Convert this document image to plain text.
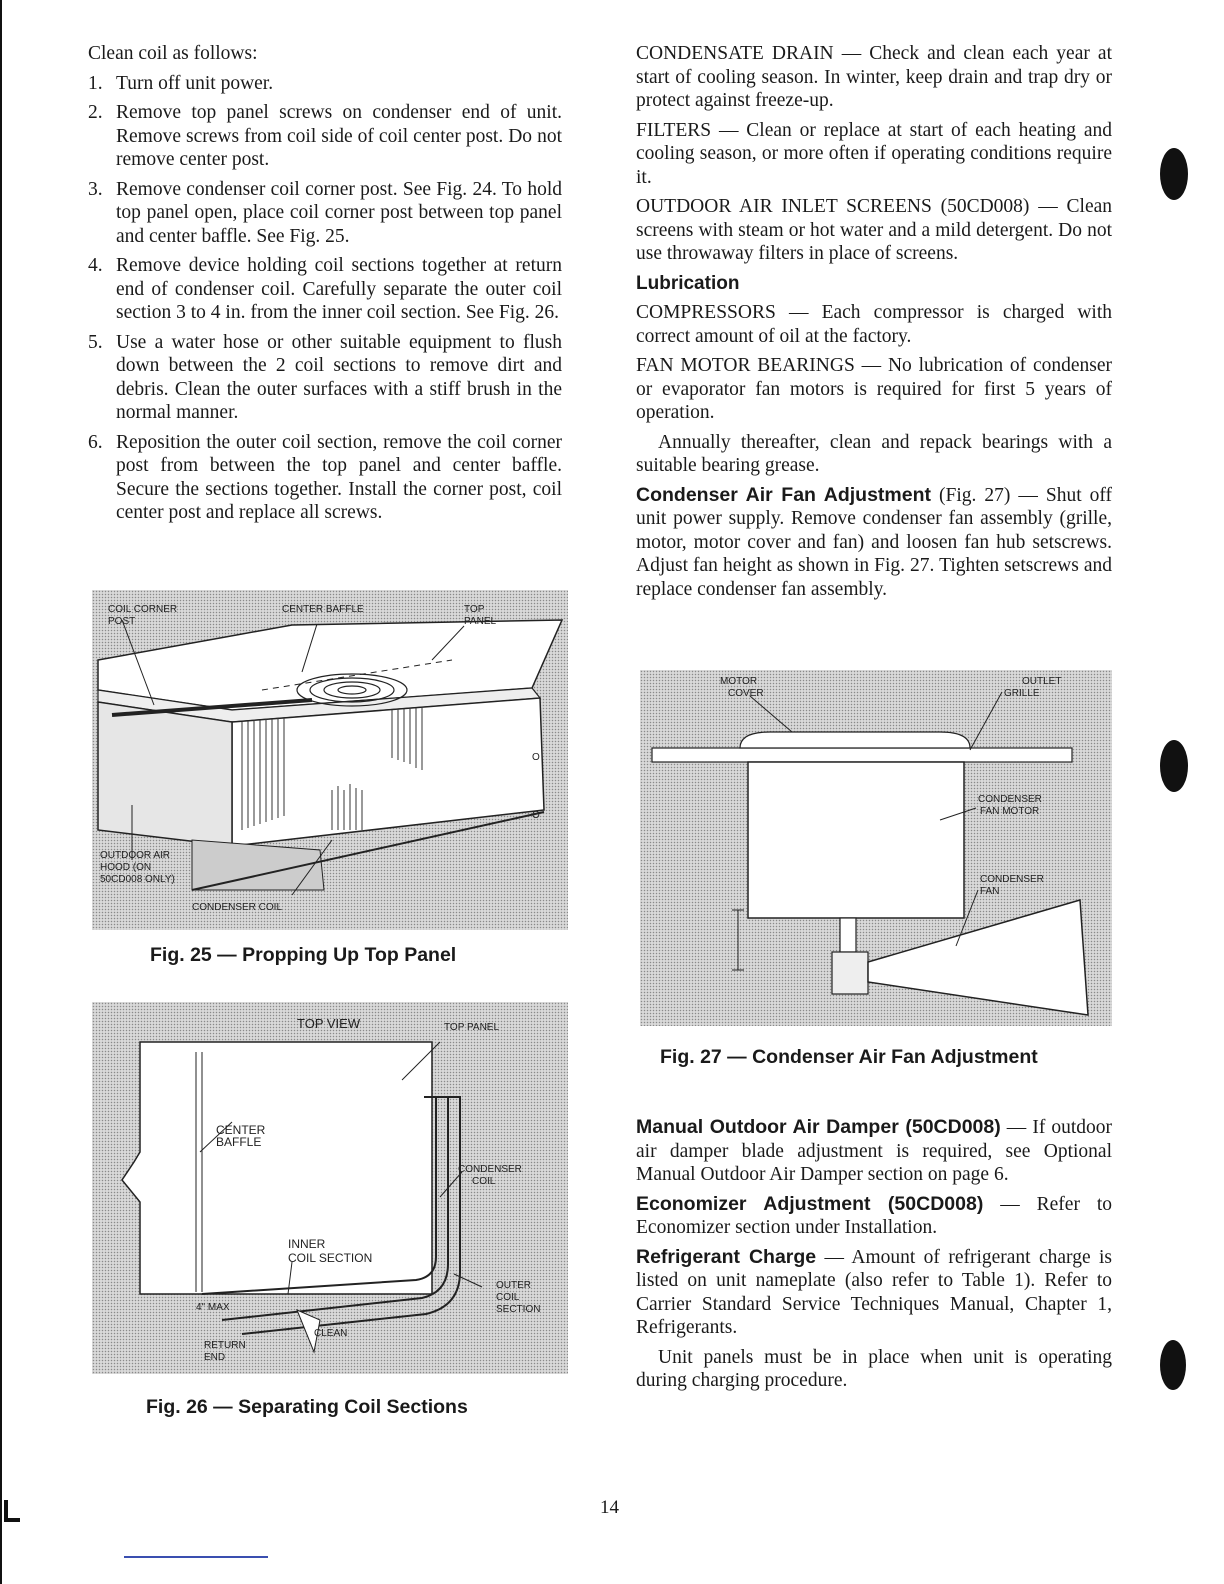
Clean coil as follows:

1. Turn off unit power.
2. Remove top panel screws on condenser end of unit. Remove screws from coil side of coil center post. Do not remove center post.
3. Remove condenser coil corner post. See Fig. 24. To hold top panel open, place coil corner post between top panel and center baffle. See Fig. 25.
4. Remove device holding coil sections together at return end of condenser coil. Carefully separate the outer coil section 3 to 4 in. from the inner coil section. See Fig. 26.
5. Use a water hose or other suitable equipment to flush down between the 2 coil sections to remove dirt and debris. Clean the outer surfaces with a stiff brush in the normal manner.
6. Reposition the outer coil section, remove the coil corner post from between the top panel and center baffle. Secure the sections together. Install the corner post, coil center post and replace all screws.
COIL CORNER
POST
CENTER BAFFLE	TOP
PANEL
OUTDOOR AIR
HOOD (ON
50CD008 ONLY)
CONDENSER COIL
O
O
Fig. 25 — Propping Up Top Panel
TOP VIEW	TOP PANEL
CENTER
BAFFLE
CONDENSER
COIL
INNER
COIL SECTION
OUTER
COIL
SECTION
4" MAX
RETURN
END
CLEAN
Fig. 26 — Separating Coil Sections

CONDENSATE DRAIN — Check and clean each year at start of cooling season. In winter, keep drain and trap dry or protect against freeze-up.

FILTERS — Clean or replace at start of each heating and cooling season, or more often if operating conditions require it.

OUTDOOR AIR INLET SCREENS (50CD008) — Clean screens with steam or hot water and a mild detergent. Do not use throwaway filters in place of screens.

Lubrication

COMPRESSORS — Each compressor is charged with correct amount of oil at the factory.

FAN MOTOR BEARINGS — No lubrication of condenser or evaporator fan motors is required for first 5 years of operation.

Annually thereafter, clean and repack bearings with a suitable bearing grease.

Condenser Air Fan Adjustment (Fig. 27) — Shut off unit power supply. Remove condenser fan assembly (grille, motor, motor cover and fan) and loosen fan hub setscrews. Adjust fan height as shown in Fig. 27. Tighten setscrews and replace condenser fan assembly.

MOTOR
COVER
OUTLET
GRILLE
CONDENSER
FAN MOTOR
CONDENSER
FAN
Fig. 27 — Condenser Air Fan Adjustment

Manual Outdoor Air Damper (50CD008) — If outdoor air damper blade adjustment is required, see Optional Manual Outdoor Air Damper section on page 6.

Economizer Adjustment (50CD008) — Refer to Economizer section under Installation.

Refrigerant Charge — Amount of refrigerant charge is listed on unit nameplate (also refer to Table 1). Refer to Carrier Standard Service Techniques Manual, Chapter 1, Refrigerants.

Unit panels must be in place when unit is operating during charging procedure.

14
